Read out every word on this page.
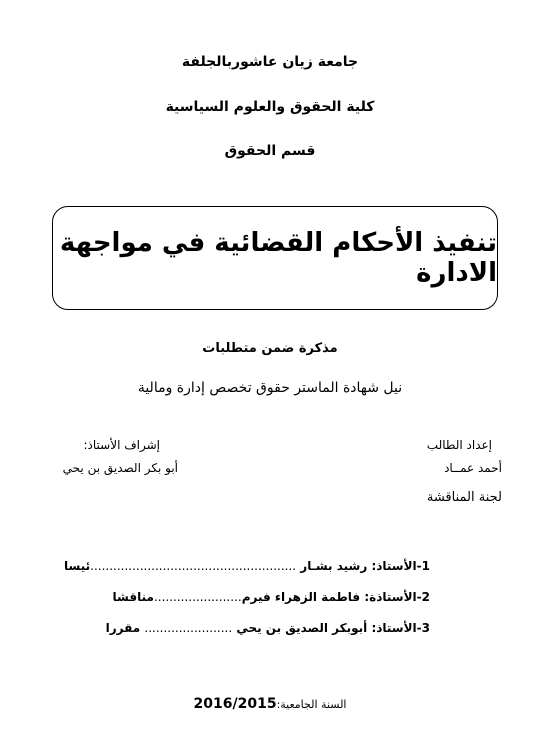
جامعة زيان عاشوربالجلفة
كلية الحقوق والعلوم السياسية
قسم الحقوق
تنفيذ الأحكام القضائية في مواجهة الادارة
مذكرة ضمن متطلبات
نيل شهادة الماستر حقوق تخصص إدارة ومالية
إعداد الطالب
أحمد عمــاد
لجنة المناقشة
إشراف الأستاذ:
أبو بكر الصديق بن يحي
1-الأستاذ: رشيد بشـار ......................................................ئيسا
2-الأستاذة: فاطمة الزهراء فيرم.......................مناقشا
3-الأستاذ: أبوبكر الصديق بن يحي ....................... مقررا
السنة الجامعية:2016/2015
